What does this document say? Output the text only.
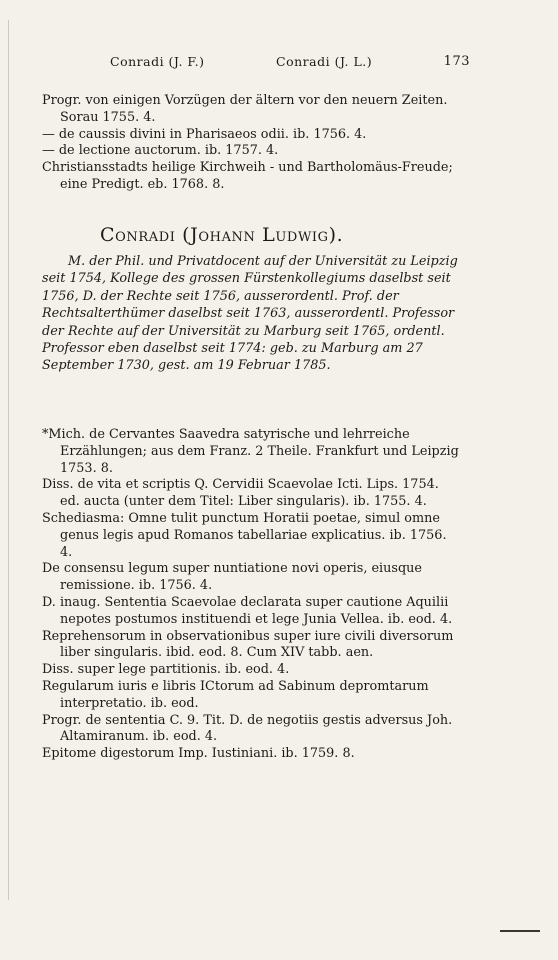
Conradi (J. F.)	Conradi (J. L.)	173

Progr. von einigen Vorzügen der ältern vor den neuern Zeiten. Sorau 1755. 4.

— de caussis divini in Pharisaeos odii. ib. 1756. 4.

— de lectione auctorum. ib. 1757. 4.

Christiansstadts heilige Kirchweih - und Bartholomäus-Freude; eine Predigt. eb. 1768. 8.

Conradi (Johann Ludwig).

M. der Phil. und Privatdocent auf der Universität zu Leipzig seit 1754, Kollege des grossen Fürstenkollegiums daselbst seit 1756, D. der Rechte seit 1756, ausserordentl. Prof. der Rechtsalterthümer daselbst seit 1763, ausserordentl. Professor der Rechte auf der Universität zu Marburg seit 1765, ordentl. Professor eben daselbst seit 1774: geb. zu Marburg am 27 September 1730, gest. am 19 Februar 1785.

*Mich. de Cervantes Saavedra satyrische und lehrreiche Erzählungen; aus dem Franz. 2 Theile. Frankfurt und Leipzig 1753. 8.

Diss. de vita et scriptis Q. Cervidii Scaevolae Icti. Lips. 1754. ed. aucta (unter dem Titel: Liber singularis). ib. 1755. 4.

Schediasma: Omne tulit punctum Horatii poetae, simul omne genus legis apud Romanos tabellariae explicatius. ib. 1756. 4.

De consensu legum super nuntiatione novi operis, eiusque remissione. ib. 1756. 4.

D. inaug. Sententia Scaevolae declarata super cautione Aquilii nepotes postumos instituendi et lege Junia Vellea. ib. eod. 4.

Reprehensorum in observationibus super iure civili diversorum liber singularis. ibid. eod. 8. Cum XIV tabb. aen.

Diss. super lege partitionis. ib. eod. 4.

Regularum iuris e libris ICtorum ad Sabinum depromtarum interpretatio. ib. eod.

Progr. de sententia C. 9. Tit. D. de negotiis gestis adversus Joh. Altamiranum. ib. eod. 4.

Epitome digestorum Imp. Iustiniani. ib. 1759. 8.
